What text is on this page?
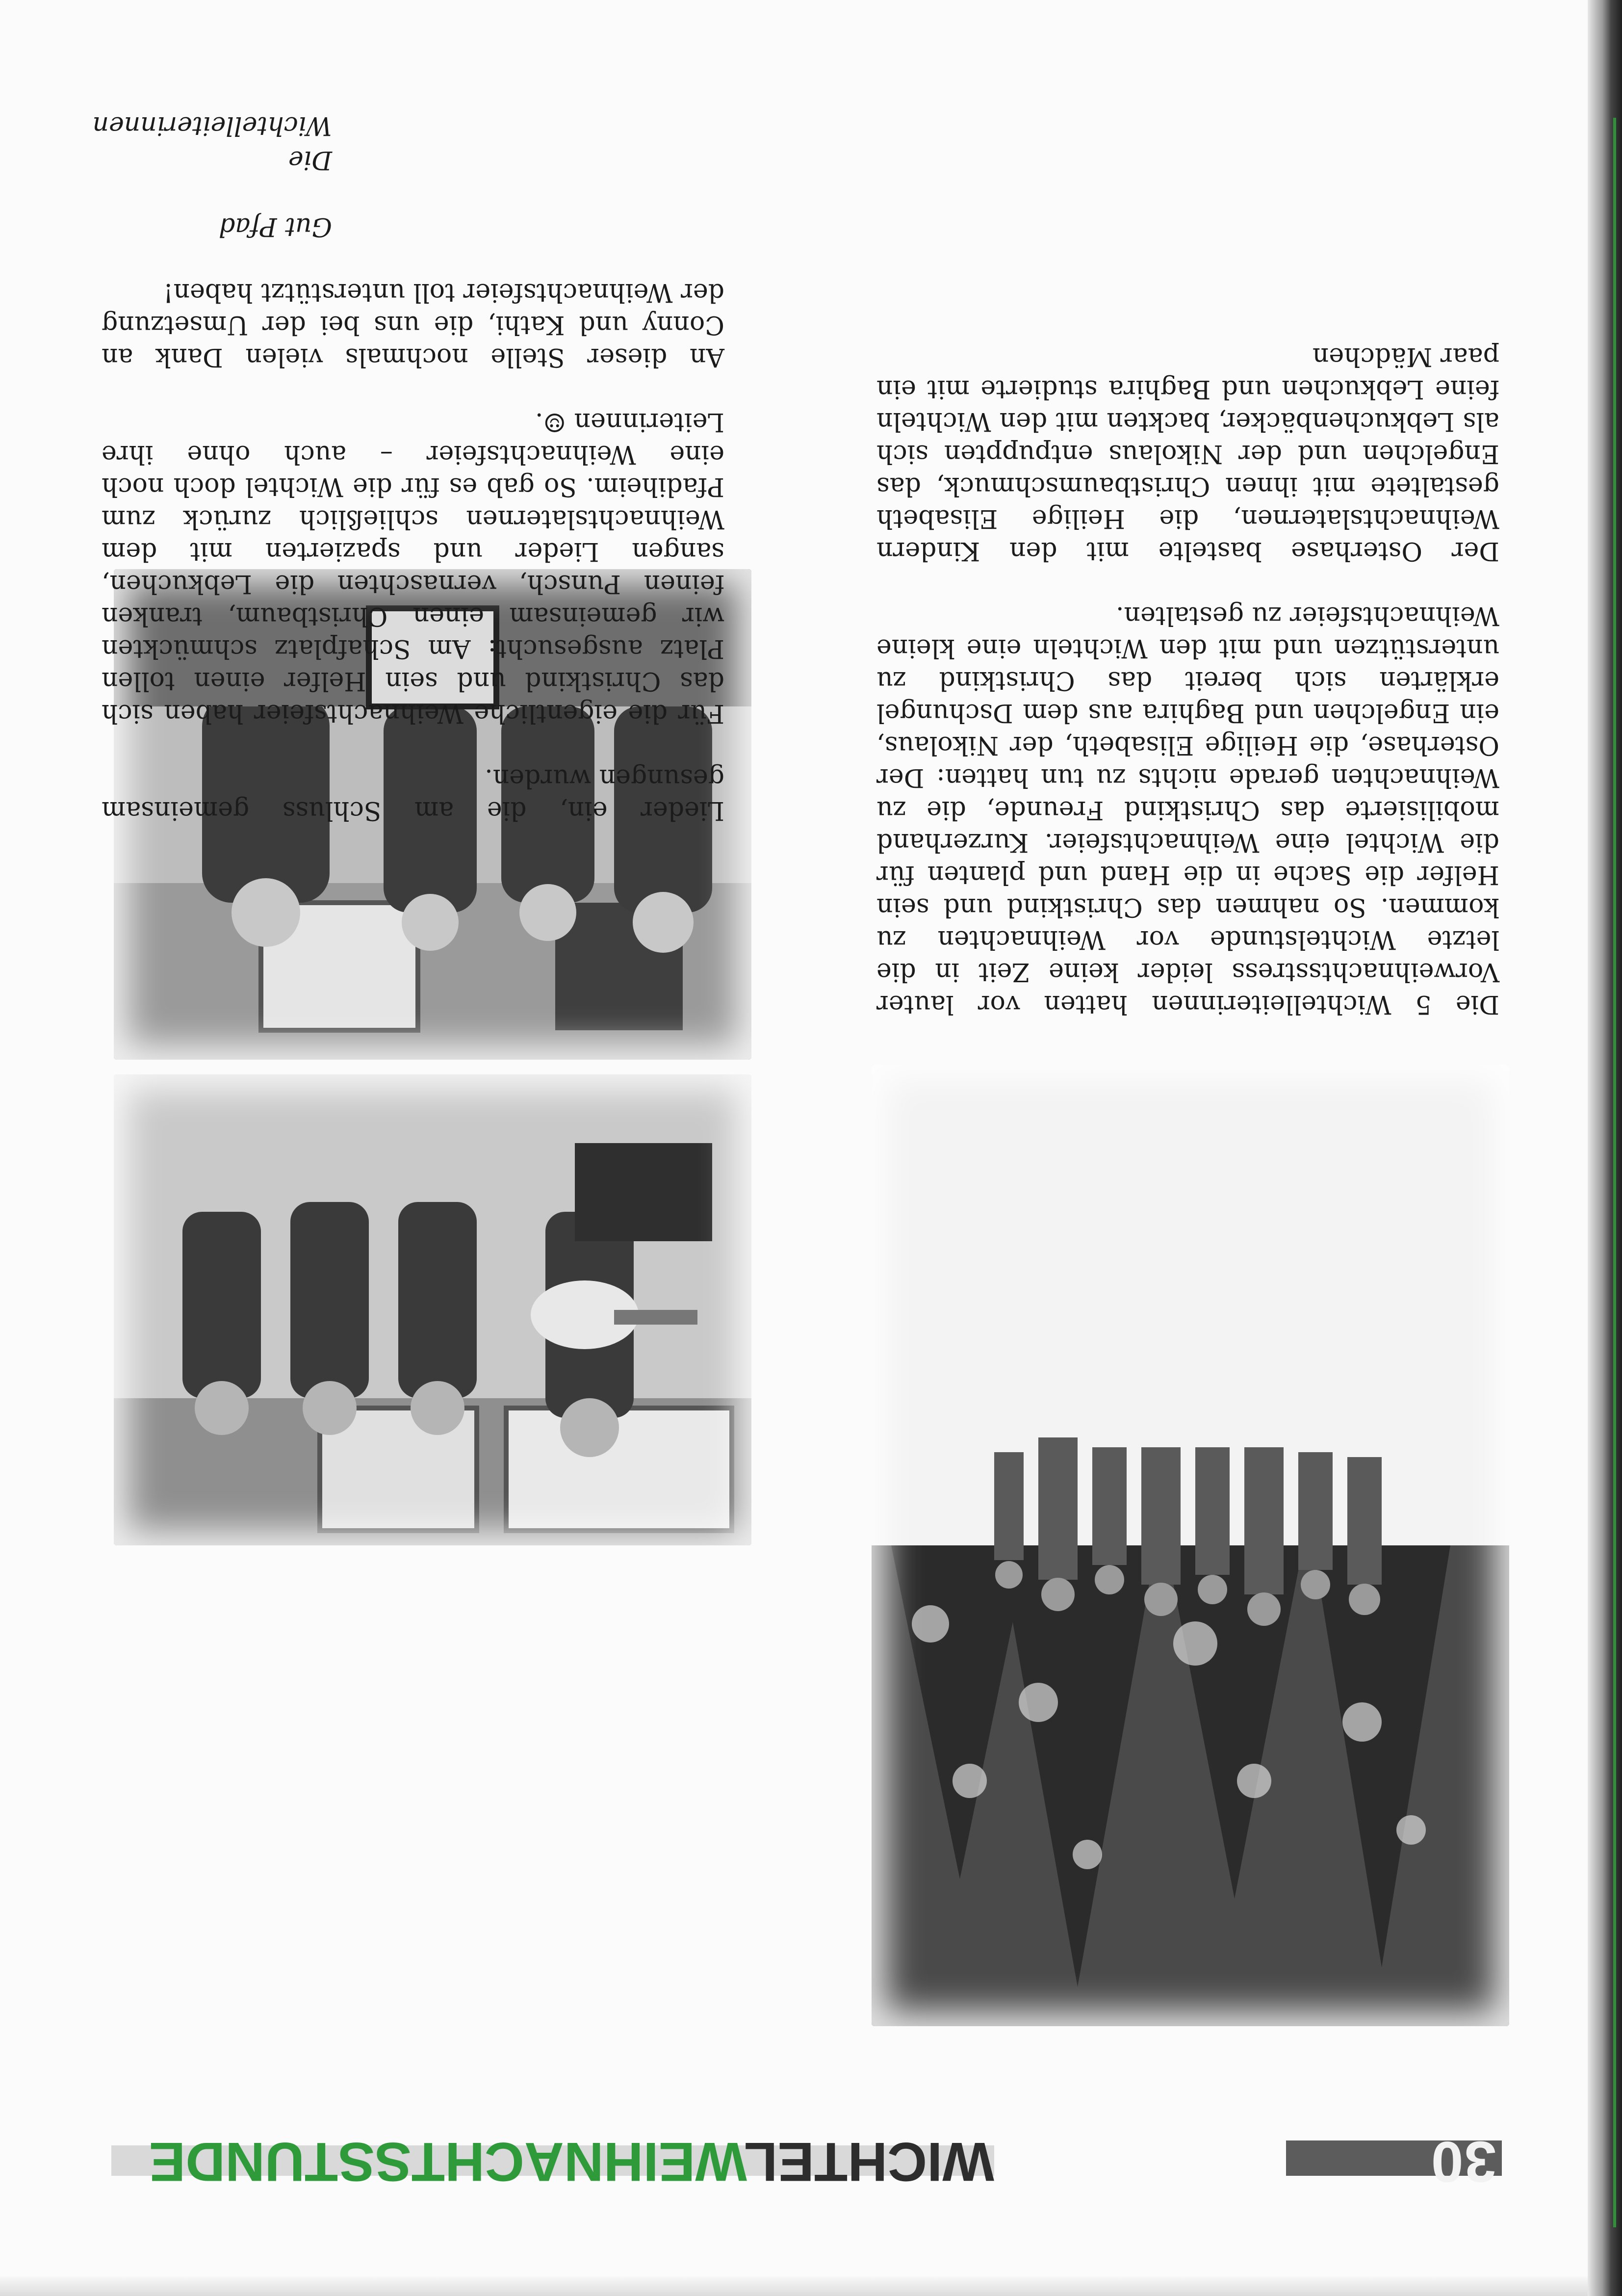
30
WICHTELWEIHNACHTSSTUNDE

Die 5 Wichtelleiterinnen hatten vor lauter Vorweihnachtsstress leider keine Zeit in die letzte Wichtelstunde vor Weihnachten zu kommen. So nahmen das Christkind und sein Helfer die Sache in die Hand und planten für die Wichtel eine Weihnachtsfeier. Kurzerhand mobilisierte das Christkind Freunde, die zu Weihnachten gerade nichts zu tun hatten: Der Osterhase, die Heilige Elisabeth, der Nikolaus, ein Engelchen und Baghira aus dem Dschungel erklärten sich bereit das Christkind zu unterstützen und mit den Wichteln eine kleine Weihnachtsfeier zu gestalten.

Der Osterhase bastelte mit den Kindern Weihnachtslaternen, die Heilige Elisabeth gestaltete mit ihnen Christbaumschmuck, das Engelchen und der Nikolaus entpuppten sich als Lebkuchenbäcker, backten mit den Wichteln feine Lebkuchen und Baghira studierte mit ein paar Mädchen

Lieder ein, die am Schluss gemeinsam gesungen wurden.

Für die eigentliche Weihnachtsfeier haben sich das Christkind und sein Helfer einen tollen Platz ausgesucht: Am Schafplatz schmückten wir gemeinsam einen Christbaum, tranken feinen Punsch, vernaschten die Lebkuchen, sangen Lieder und spazierten mit dem Weihnachtslaternen schließlich zurück zum Pfadiheim. So gab es für die Wichtel doch noch eine Weihnachtsfeier – auch ohne ihre Leiterinnen ☺.

An dieser Stelle nochmals vielen Dank an Conny und Kathi, die uns bei der Umsetzung der Weihnachtsfeier toll unterstützt haben!

Gut Pfad

Die Wichtelleiterinnen
